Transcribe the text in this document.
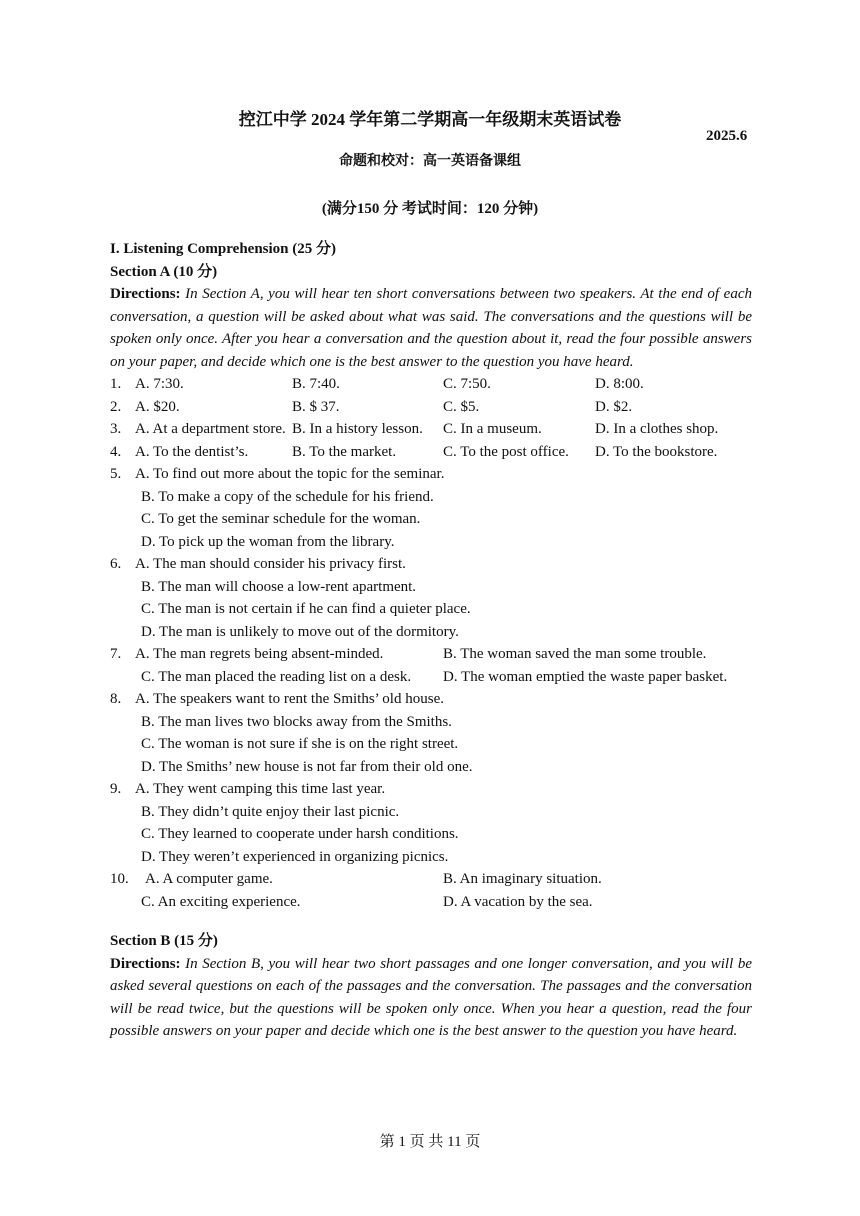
控江中学 2024 学年第二学期高一年级期末英语试卷
2025.6
命题和校对：高一英语备课组
(满分150 分 考试时间：120 分钟)
I. Listening Comprehension (25 分)
Section A (10 分)
Directions: In Section A, you will hear ten short conversations between two speakers. At the end of each conversation, a question will be asked about what was said. The conversations and the questions will be spoken only once. After you hear a conversation and the question about it, read the four possible answers on your paper, and decide which one is the best answer to the question you have heard.
1. A. 7:30.	B. 7:40.	C. 7:50.	D. 8:00.
2. A. $20.	B. $ 37.	C. $5.	D. $2.
3. A. At a department store. B. In a history lesson. C. In a museum.	D. In a clothes shop.
4. A. To the dentist’s.	B. To the market.	C. To the post office. D. To the bookstore.
5. A. To find out more about the topic for the seminar.
B. To make a copy of the schedule for his friend.
C. To get the seminar schedule for the woman.
D. To pick up the woman from the library.
6. A. The man should consider his privacy first.
B. The man will choose a low-rent apartment.
C. The man is not certain if he can find a quieter place.
D. The man is unlikely to move out of the dormitory.
7. A. The man regrets being absent-minded.	B. The woman saved the man some trouble.
C. The man placed the reading list on a desk. D. The woman emptied the waste paper basket.
8. A. The speakers want to rent the Smiths’ old house.
B. The man lives two blocks away from the Smiths.
C. The woman is not sure if she is on the right street.
D. The Smiths’ new house is not far from their old one.
9. A. They went camping this time last year.
B. They didn’t quite enjoy their last picnic.
C. They learned to cooperate under harsh conditions.
D. They weren’t experienced in organizing picnics.
10. A. A computer game.	B. An imaginary situation.
C. An exciting experience.	D. A vacation by the sea.
Section B (15 分)
Directions: In Section B, you will hear two short passages and one longer conversation, and you will be asked several questions on each of the passages and the conversation. The passages and the conversation will be read twice, but the questions will be spoken only once. When you hear a question, read the four possible answers on your paper and decide which one is the best answer to the question you have heard.
第 1 页 共 11 页
